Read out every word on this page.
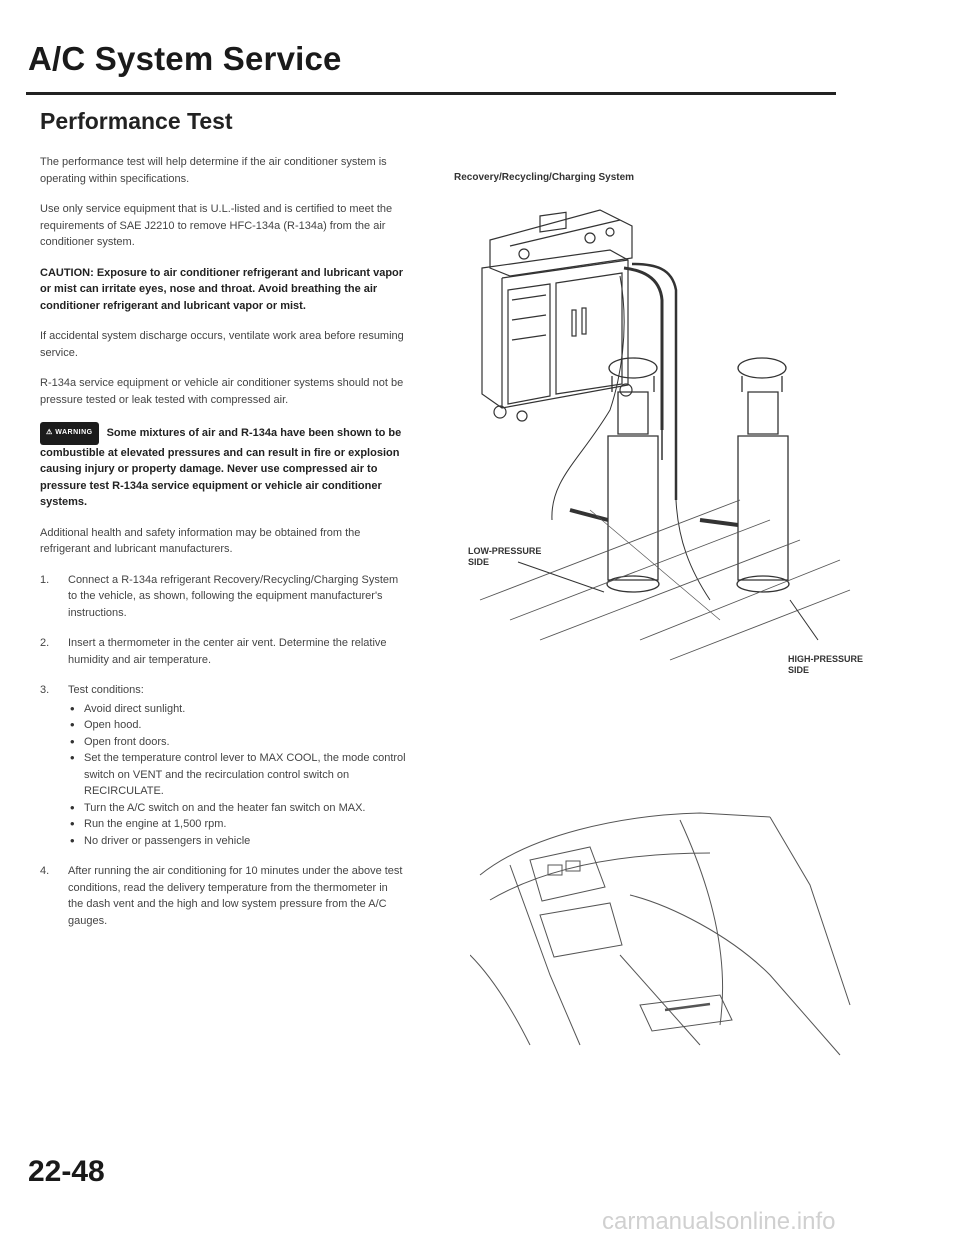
A/C System Service
Performance Test

The performance test will help determine if the air conditioner system is operating within specifications.

Use only service equipment that is U.L.-listed and is certified to meet the requirements of SAE J2210 to remove HFC-134a (R-134a) from the air conditioner system.

CAUTION: Exposure to air conditioner refrigerant and lubricant vapor or mist can irritate eyes, nose and throat. Avoid breathing the air conditioner refrigerant and lubricant vapor or mist.

If accidental system discharge occurs, ventilate work area before resuming service.

R-134a service equipment or vehicle air conditioner systems should not be pressure tested or leak tested with compressed air.

⚠ WARNING Some mixtures of air and R-134a have been shown to be combustible at elevated pressures and can result in fire or explosion causing injury or property damage. Never use compressed air to pressure test R-134a service equipment or vehicle air conditioner systems.

Additional health and safety information may be obtained from the refrigerant and lubricant manufacturers.

1. Connect a R-134a refrigerant Recovery/Recycling/Charging System to the vehicle, as shown, following the equipment manufacturer's instructions.
2. Insert a thermometer in the center air vent. Determine the relative humidity and air temperature.
3. Test conditions:
• Avoid direct sunlight.
• Open hood.
• Open front doors.
• Set the temperature control lever to MAX COOL, the mode control switch on VENT and the recirculation control switch on RECIRCULATE.
• Turn the A/C switch on and the heater fan switch on MAX.
• Run the engine at 1,500 rpm.
• No driver or passengers in vehicle
4. After running the air conditioning for 10 minutes under the above test conditions, read the delivery temperature from the thermometer in the dash vent and the high and low system pressure from the A/C gauges.
Recovery/Recycling/Charging System
LOW-PRESSURE
SIDE
HIGH-PRESSURE
SIDE
22-48
carmanualsonline.info
